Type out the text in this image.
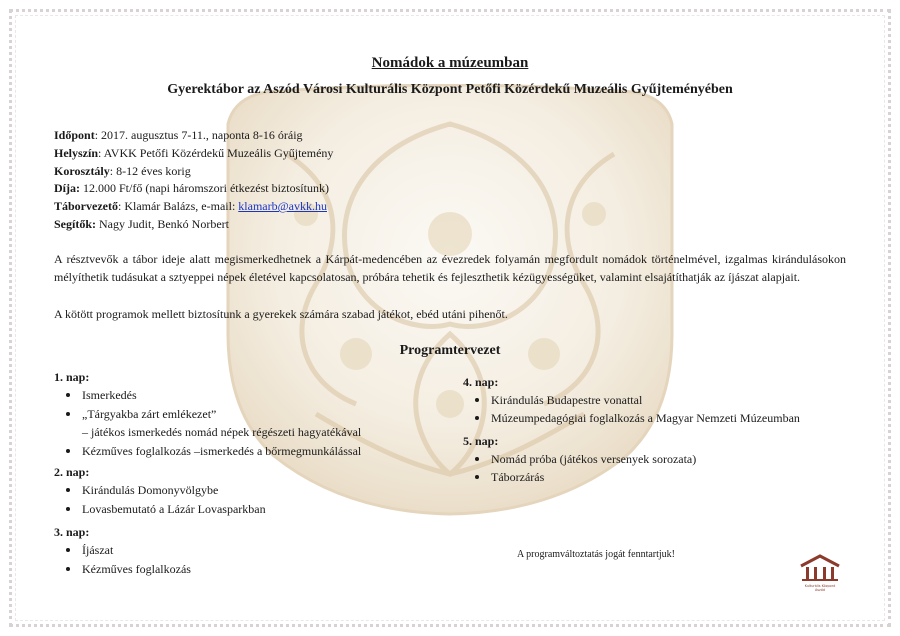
Nomádok a múzeumban
Gyerektábor az Aszód Városi Kulturális Központ Petőfi Közérdekű Muzeális Gyűjteményében
Időpont: 2017. augusztus 7-11., naponta 8-16 óráig
Helyszín: AVKK Petőfi Közérdekű Muzeális Gyűjtemény
Korosztály: 8-12 éves korig
Díja: 12.000 Ft/fő (napi háromszori étkezést biztosítunk)
Táborvezető: Klamár Balázs, e-mail: klamarb@avkk.hu
Segítők: Nagy Judit, Benkó Norbert
A résztvevők a tábor ideje alatt megismerkedhetnek a Kárpát-medencében az évezredek folyamán megfordult nomádok történelmével, izgalmas kirándulásokon mélyíthetik tudásukat a sztyeppei népek életével kapcsolatosan, próbára tehetik és fejleszthetik kézügyességüket, valamint elsajátíthatják az íjászat alapjait.
A kötött programok mellett biztosítunk a gyerekek számára szabad játékot, ebéd utáni pihenőt.
Programtervezet
1. nap:
Ismerkedés
„Tárgyakba zárt emlékezet”
– játékos ismerkedés nomád népek régészeti hagyatékával
Kézműves foglalkozás –ismerkedés a bőrmegmunkálással
2. nap:
Kirándulás Domonyvölgybe
Lovasbemutató a Lázár Lovasparkban
3. nap:
Íjászat
Kézműves foglalkozás
4. nap:
Kirándulás Budapestre vonattal
Múzeumpedagógiai foglalkozás a Magyar Nemzeti Múzeumban
5. nap:
Nomád próba (játékos versenyek sorozata)
Táborzárás
A programváltoztatás jogát fenntartjuk!
Kulturális Központ
Aszód
